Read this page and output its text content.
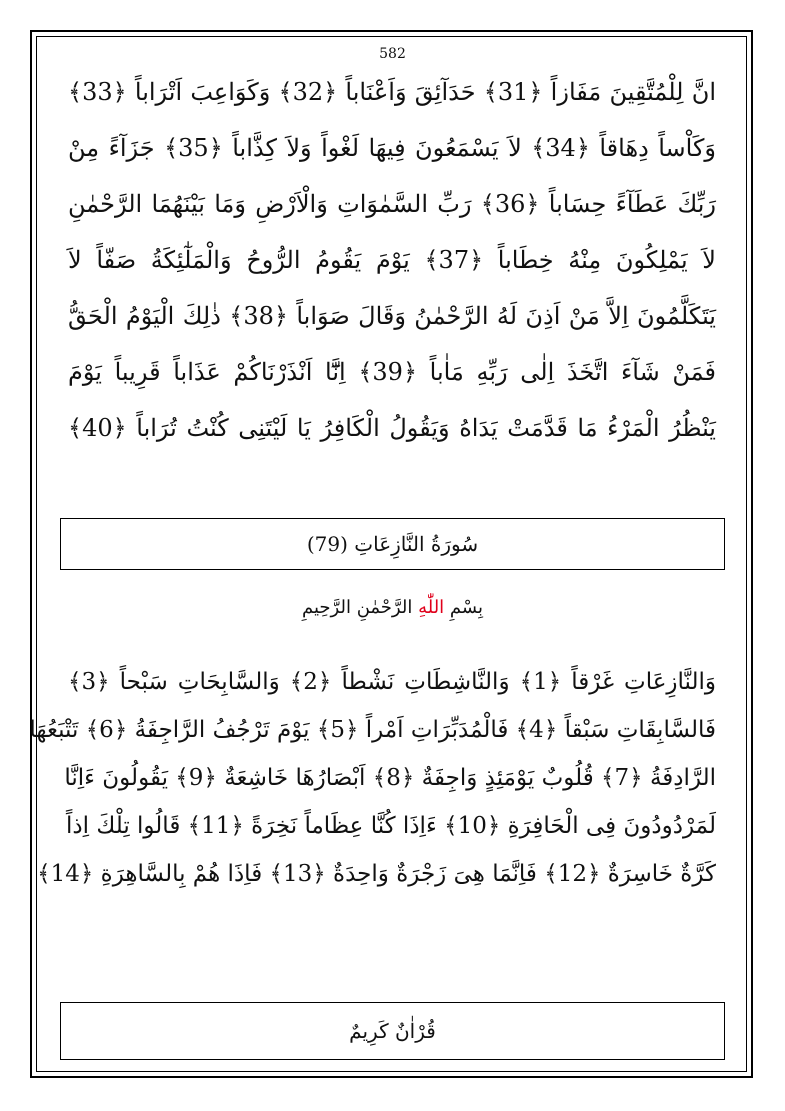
582
انَّ لِلْمُتَّقِينَ مَفَازاً ﴿31﴾ حَدَآئِقَ وَاَعْنَاباً ﴿32﴾ وَكَوَاعِبَ اَتْرَاباً ﴿33﴾
وَكَاْساً دِهَاقاً ﴿34﴾ لاَ يَسْمَعُونَ فِيهَا لَغْواً وَلاَ كِذَّاباً ﴿35﴾ جَزَآءً مِنْ
رَبِّكَ عَطَآءً حِسَاباً ﴿36﴾ رَبِّ السَّمٰوَاتِ وَالْاَرْضِ وَمَا بَيْنَهُمَا الرَّحْمٰنِ
لاَ يَمْلِكُونَ مِنْهُ خِطَاباً ﴿37﴾ يَوْمَ يَقُومُ الرُّوحُ وَالْمَلٰٓئِكَةُ صَفّاً لاَ
يَتَكَلَّمُونَ اِلاَّ مَنْ اَذِنَ لَهُ الرَّحْمٰنُ وَقَالَ صَوَاباً ﴿38﴾ ذٰلِكَ الْيَوْمُ الْحَقُّ
فَمَنْ شَآءَ اتَّخَذَ اِلٰى رَبِّهِ مَاٰباً ﴿39﴾ اِنَّٓا اَنْذَرْنَاكُمْ عَذَاباً قَرِيباً يَوْمَ
يَنْظُرُ الْمَرْءُ مَا قَدَّمَتْ يَدَاهُ وَيَقُولُ الْكَافِرُ يَا لَيْتَنِى كُنْتُ تُرَاباً ﴿40﴾
سُورَةُ النَّازِعَاتِ (79)
بِسْمِ اللّٰهِ الرَّحْمٰنِ الرَّحِيمِ
وَالنَّازِعَاتِ غَرْقاً ﴿1﴾ وَالنَّاشِطَاتِ نَشْطاً ﴿2﴾ وَالسَّابِحَاتِ سَبْحاً ﴿3﴾
فَالسَّابِقَاتِ سَبْقاً ﴿4﴾ فَالْمُدَبِّرَاتِ اَمْراً ﴿5﴾ يَوْمَ تَرْجُفُ الرَّاجِفَةُ ﴿6﴾ تَتْبَعُهَا
الرَّادِفَةُ ﴿7﴾ قُلُوبٌ يَوْمَئِذٍ وَاجِفَةٌ ﴿8﴾ اَبْصَارُهَا خَاشِعَةٌ ﴿9﴾ يَقُولُونَ ءَاِنَّا
لَمَرْدُودُونَ فِى الْحَافِرَةِ ﴿10﴾ ءَاِذَا كُنَّا عِظَاماً نَخِرَةً ﴿11﴾ قَالُوا تِلْكَ اِذاً
كَرَّةٌ خَاسِرَةٌ ﴿12﴾ فَاِنَّمَا هِىَ زَجْرَةٌ وَاحِدَةٌ ﴿13﴾ فَاِذَا هُمْ بِالسَّاهِرَةِ ﴿14﴾
قُرْاٰنٌ كَرِيمٌ
